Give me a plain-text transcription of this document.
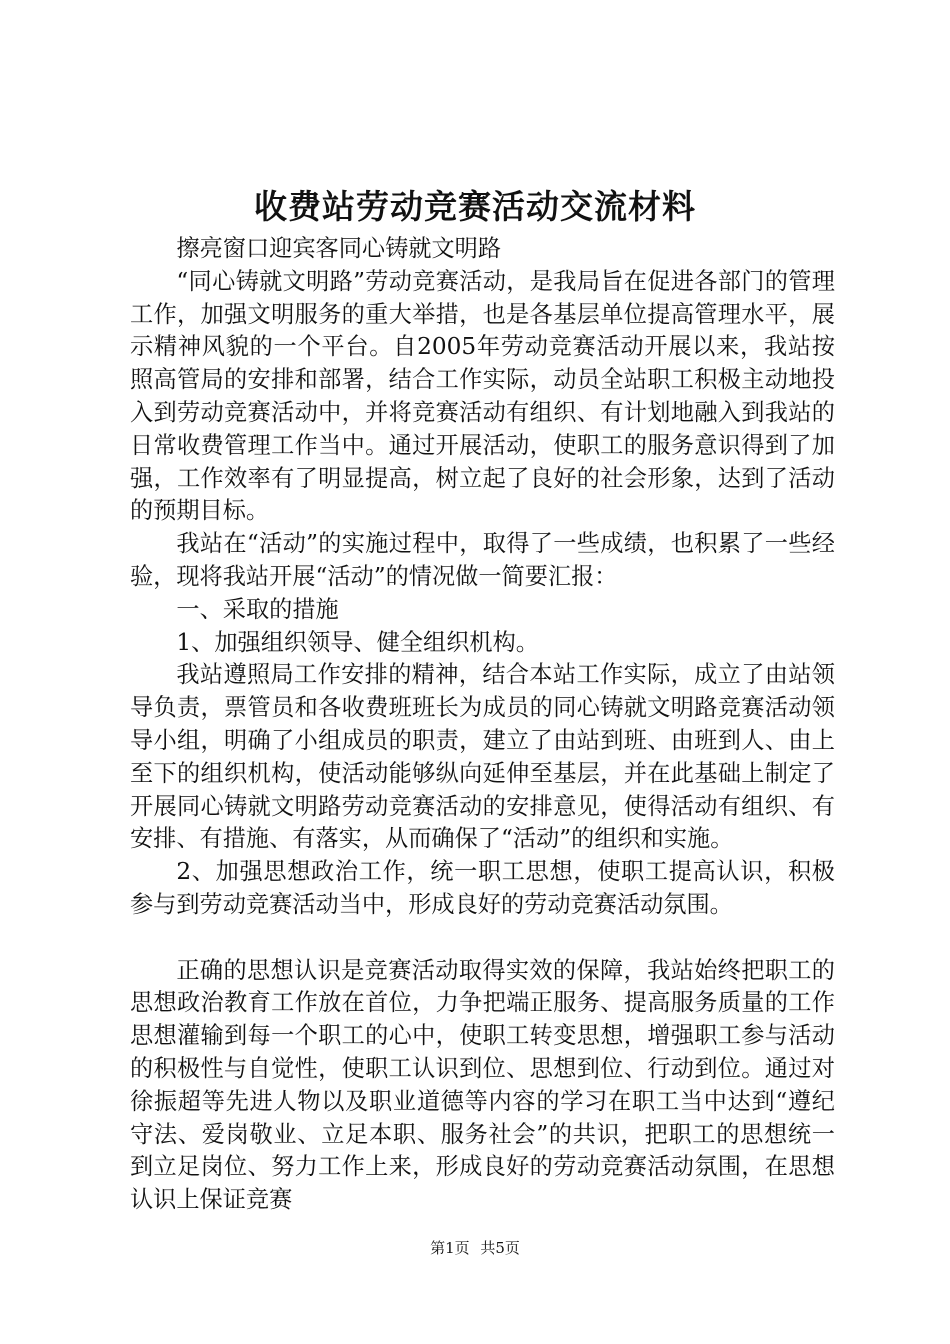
收费站劳动竞赛活动交流材料

擦亮窗口迎宾客同心铸就文明路

“同心铸就文明路”劳动竞赛活动，是我局旨在促进各部门的管理工作，加强文明服务的重大举措，也是各基层单位提高管理水平，展示精神风貌的一个平台。自2005年劳动竞赛活动开展以来，我站按照高管局的安排和部署，结合工作实际，动员全站职工积极主动地投入到劳动竞赛活动中，并将竞赛活动有组织、有计划地融入到我站的日常收费管理工作当中。通过开展活动，使职工的服务意识得到了加强，工作效率有了明显提高，树立起了良好的社会形象，达到了活动的预期目标。

我站在“活动”的实施过程中，取得了一些成绩，也积累了一些经验，现将我站开展“活动”的情况做一简要汇报：

一、采取的措施

1、加强组织领导、健全组织机构。

我站遵照局工作安排的精神，结合本站工作实际，成立了由站领导负责，票管员和各收费班班长为成员的同心铸就文明路竞赛活动领导小组，明确了小组成员的职责，建立了由站到班、由班到人、由上至下的组织机构，使活动能够纵向延伸至基层，并在此基础上制定了开展同心铸就文明路劳动竞赛活动的安排意见，使得活动有组织、有安排、有措施、有落实，从而确保了“活动”的组织和实施。

2、加强思想政治工作，统一职工思想，使职工提高认识，积极参与到劳动竞赛活动当中，形成良好的劳动竞赛活动氛围。

正确的思想认识是竞赛活动取得实效的保障，我站始终把职工的思想政治教育工作放在首位，力争把端正服务、提高服务质量的工作思想灌输到每一个职工的心中，使职工转变思想，增强职工参与活动的积极性与自觉性，使职工认识到位、思想到位、行动到位。通过对徐振超等先进人物以及职业道德等内容的学习在职工当中达到“遵纪守法、爱岗敬业、立足本职、服务社会”的共识，把职工的思想统一到立足岗位、努力工作上来，形成良好的劳动竞赛活动氛围，在思想认识上保证竞赛

第1页 共5页
